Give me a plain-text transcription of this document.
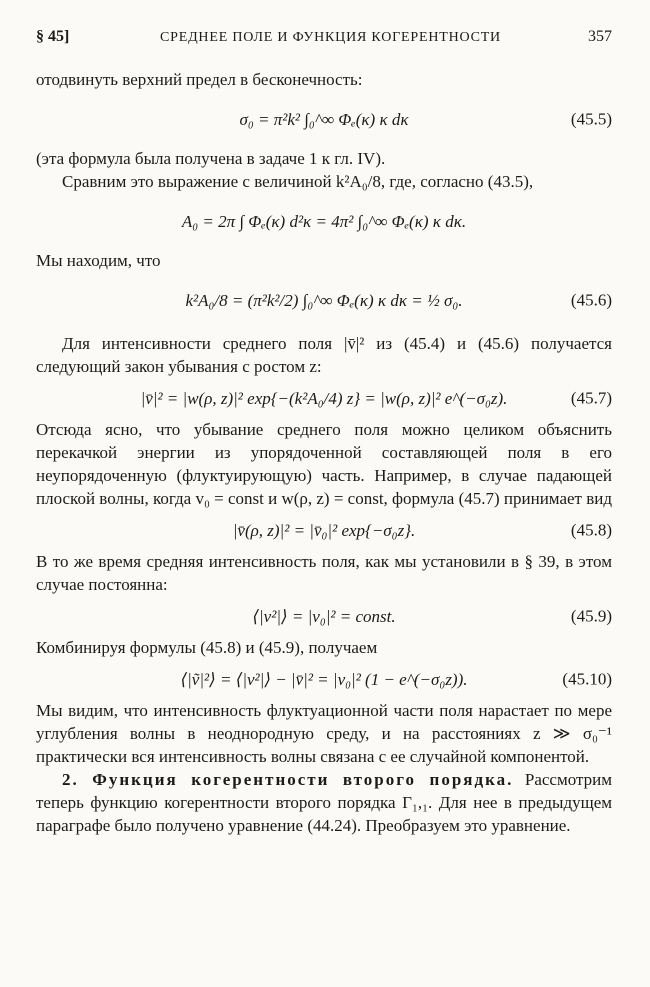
§ 45]	СРЕДНЕЕ ПОЛЕ И ФУНКЦИЯ КОГЕРЕНТНОСТИ	357

отодвинуть верхний предел в бесконечность:

σ₀ = π²k² ∫₀^∞ Φₑ(κ) κ dκ	(45.5)

(эта формула была получена в задаче 1 к гл. IV).

Сравним это выражение с величиной k²A₀/8, где, согласно (43.5),

A₀ = 2π ∫ Φₑ(κ) d²κ = 4π² ∫₀^∞ Φₑ(κ) κ dκ.

Мы находим, что

k²A₀/8 = (π²k²/2) ∫₀^∞ Φₑ(κ) κ dκ = ½ σ₀.	(45.6)

Для интенсивности среднего поля |v̄|² из (45.4) и (45.6) получается следующий закон убывания с ростом z:

|v̄|² = |w(ρ, z)|² exp{−(k²A₀/4) z} = |w(ρ, z)|² e^(−σ₀z).	(45.7)

Отсюда ясно, что убывание среднего поля можно целиком объяснить перекачкой энергии из упорядоченной составляющей поля в его неупорядоченную (флуктуирующую) часть. Например, в случае падающей плоской волны, когда v₀ = const и w(ρ, z) = const, формула (45.7) принимает вид

|v̄(ρ, z)|² = |v̄₀|² exp{−σ₀z}.	(45.8)

В то же время средняя интенсивность поля, как мы установили в § 39, в этом случае постоянна:

⟨|v²|⟩ = |v₀|² = const.	(45.9)

Комбинируя формулы (45.8) и (45.9), получаем

⟨|ṽ|²⟩ = ⟨|v²|⟩ − |v̄|² = |v₀|² (1 − e^(−σ₀z)).	(45.10)

Мы видим, что интенсивность флуктуационной части поля нарастает по мере углубления волны в неоднородную среду, и на расстояниях z ≫ σ₀⁻¹ практически вся интенсивность волны связана с ее случайной компонентой.

2. Функция когерентности второго порядка. Рассмотрим теперь функцию когерентности второго порядка Γ₁,₁. Для нее в предыдущем параграфе было получено уравнение (44.24). Преобразуем это уравнение.
